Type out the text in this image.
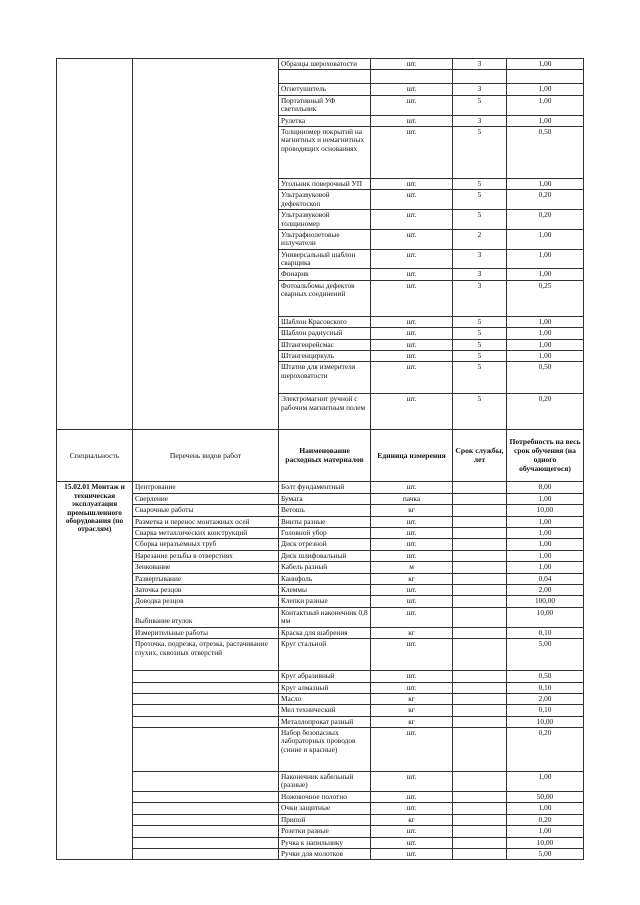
		Образцы шероховатости	шт.	3	1,00

		Огнетушитель	шт.	3	1,00
		Портативный УФ светильник	шт.	5	1,00
		Рулетка	шт.	3	1,00
		Толщиномер покрытий на магнитных и немагнитных проводящих основаниях	шт.	5	0,50
		Угольник поверочный УП	шт.	5	1,00
		Ультразвуковой дефектоскоп	шт.	5	0,20
		Ультразвуковой толщиномер	шт.	5	0,20
		Ультрафиолетовые излучатели	шт.	2	1,00
		Универсальный шаблон сварщика	шт.	3	1,00
		Фонарик	шт.	3	1,00
		Фотоальбомы дефектов сварных соединений	шт.	3	0,25
		Шаблон Красовского	шт.	5	1,00
		Шаблон радиусный	шт.	5	1,00
		Штангенрейсмас	шт.	5	1,00
		Штангенциркуль	шт.	5	1,00
		Штатив для измерителя шероховатости	шт.	5	0,50
		Электромагнит ручной с рабочим магнитным полем	шт.	5	0,20
Специальность	Перечень видов работ	Наименование расходных материалов	Единица измерения	Срок службы, лет	Потребность на весь срок обучения (на одного обучающегося)
15.02.01 Монтаж и техническая эксплуатация промышленного оборудования (по отраслям)	Центрование	Болт фундаментный	шт.		8,00
	Сверление	Бумага	пачка		1,00
	Сварочные работы	Ветошь	кг		10,00
	Разметка и перенос монтажных осей	Винты разные	шт.		1,00
	Сварка металлических конструкций	Головной убор	шт.		1,00
	Сборка неразъемных труб	Диск отрезной	шт.		1,00
	Нарезание резьбы в отверстиях	Диск шлифовальный	шт.		1,00
	Зенкование	Кабель разный	м		1,00
	Развертывание	Канифоль	кг		0,04
	Заточка резцов	Клеммы	шт.		2,00
	Доводка резцов	Клепки разные	шт.		100,00
	Выбивание втулок	Контактный наконечник 0,8 мм	шт.		10,00
	Измерительные работы	Краска для шабрения	кг		0,10
	Проточка, подрезка, отрезка, растачивание глухих, сквозных отверстий	Круг стальной	шт.		5,00
		Круг абразивный	шт.		0,50
		Круг алмазный	шт.		0,10
		Масло	кг		2,00
		Мел технический	кг		0,10
		Металлопрокат разный	кг		10,00
		Набор безопасных лабораторных проводов (синие и красные)	шт.		0,20
		Наконечник кабельный (разные)	шт.		1,00
		Ножовочное полотно	шт.		50,00
		Очки защитные	шт.		1,00
		Припой	кг		0,20
		Розетки разные	шт.		1,00
		Ручка к напильнику	шт.		10,00
		Ручки для молотков	шт.		5,00
